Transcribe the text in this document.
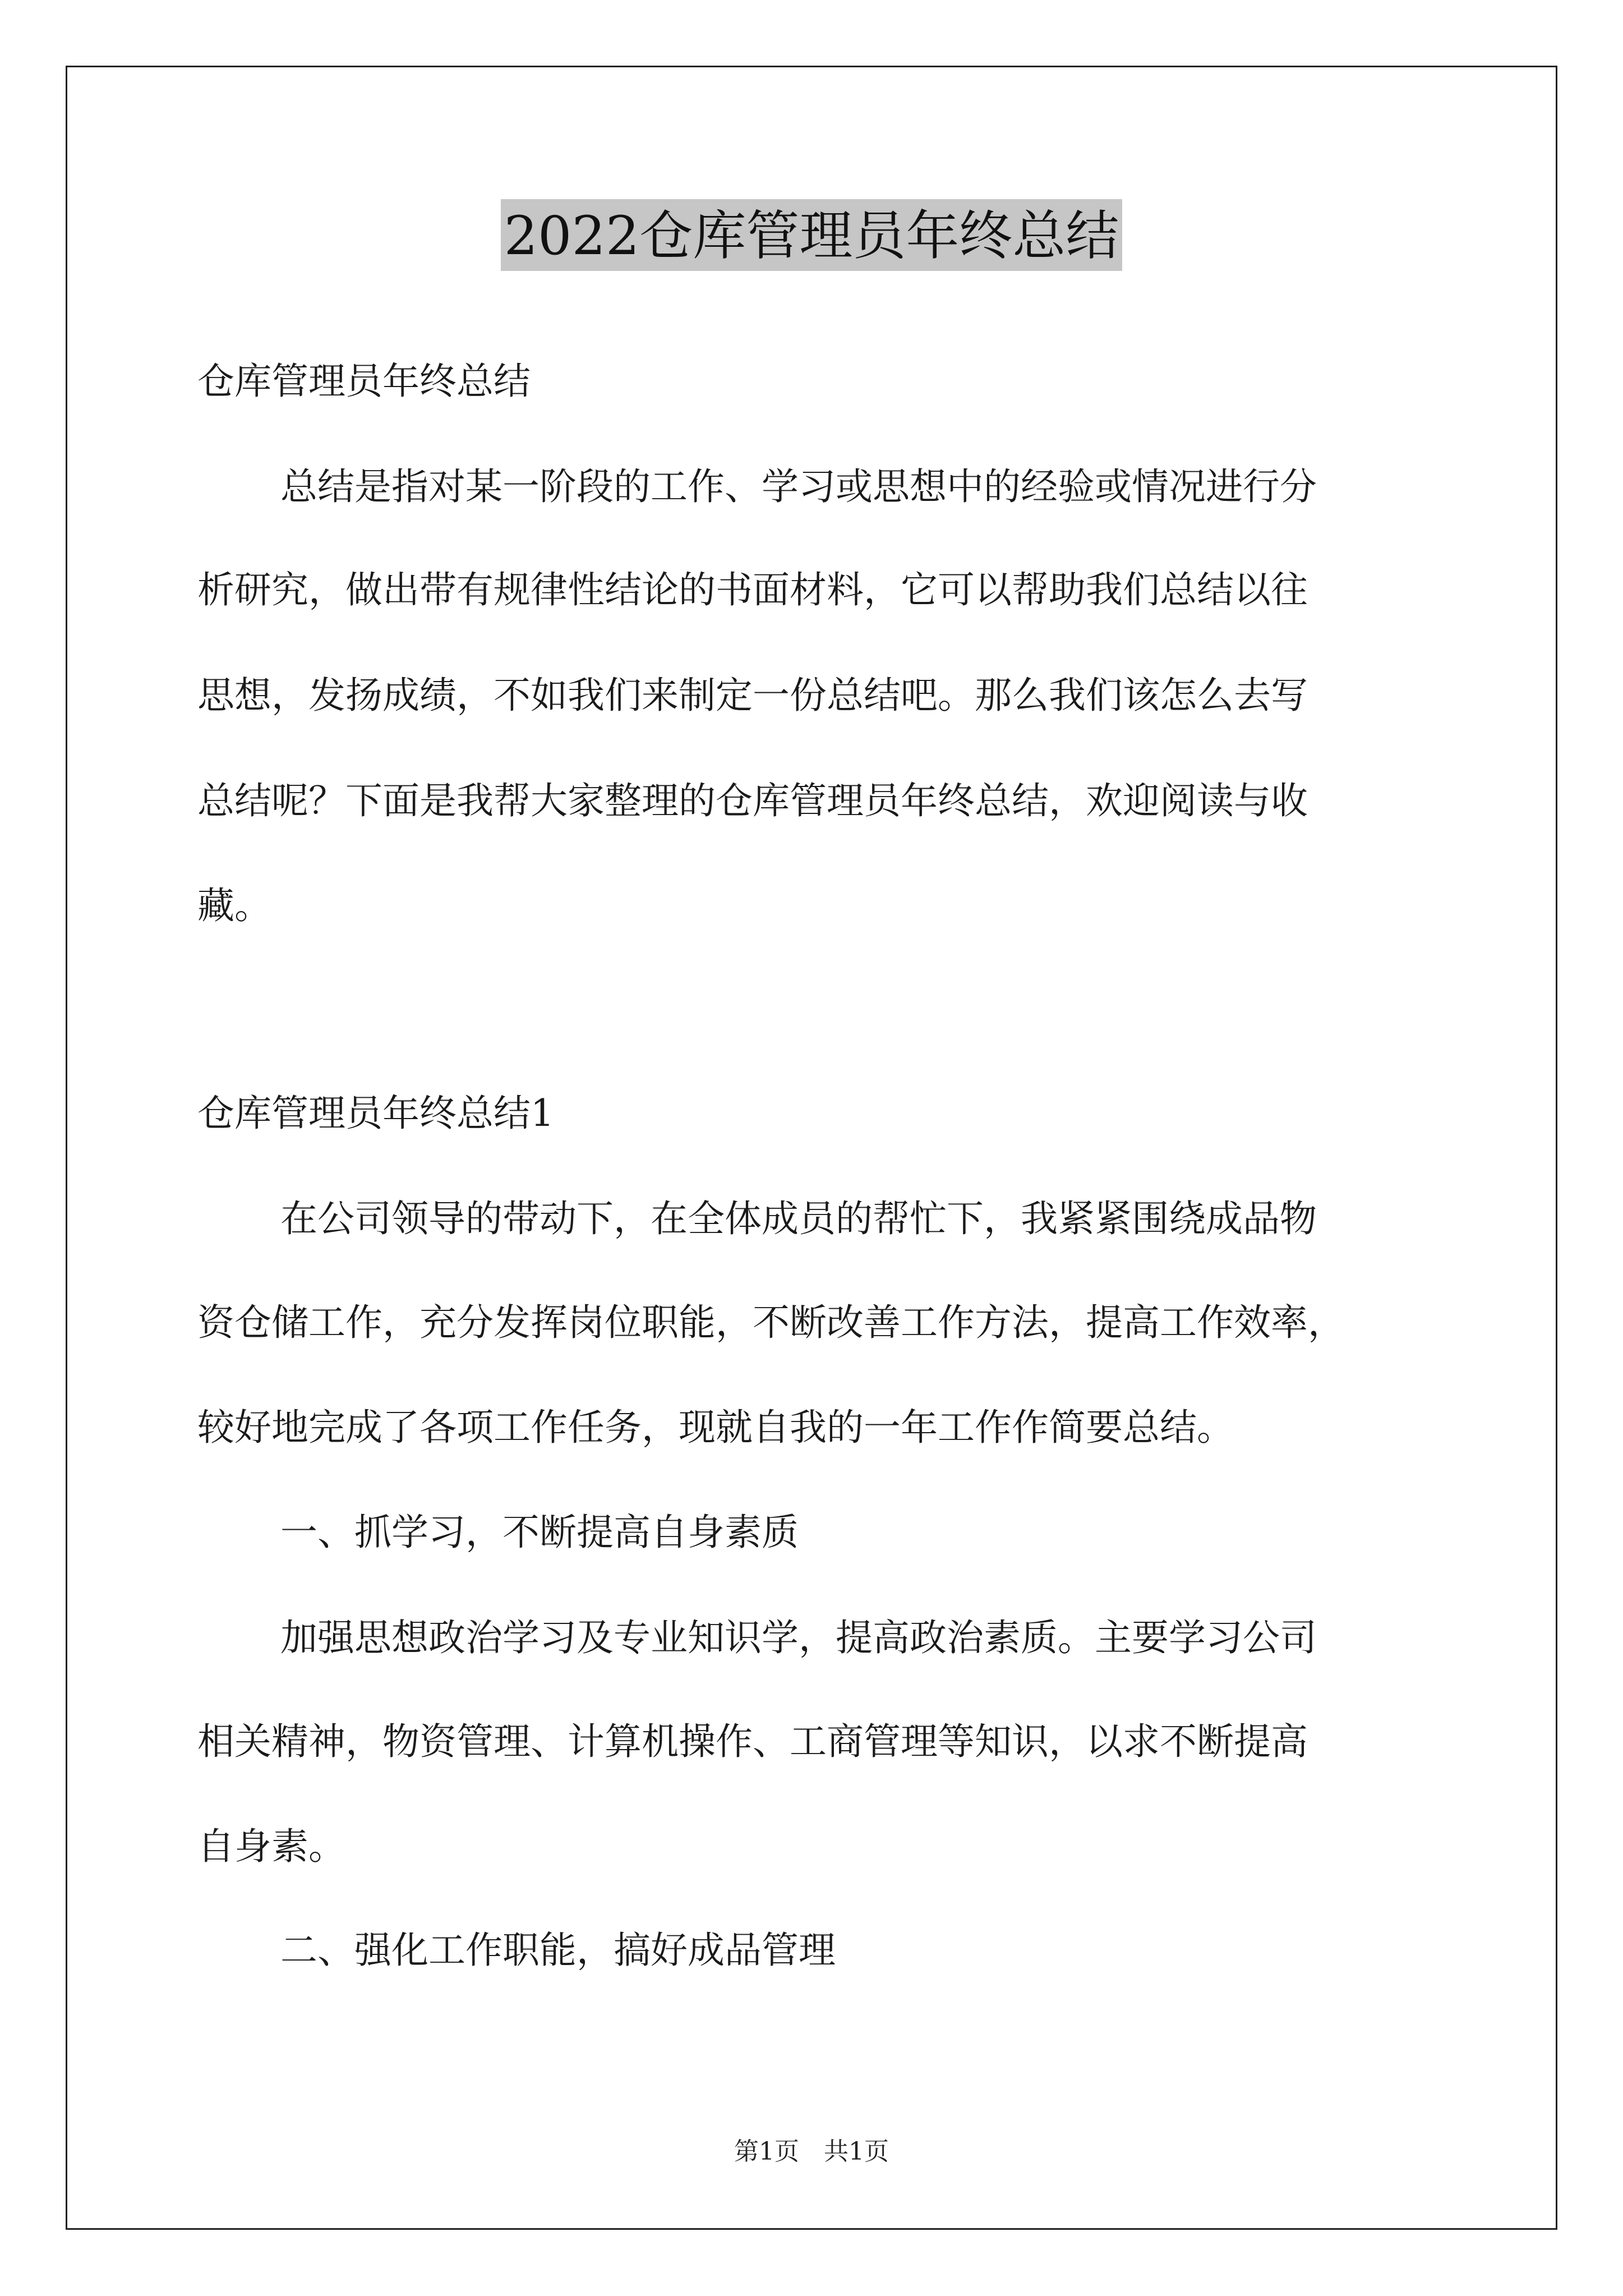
2022仓库管理员年终总结
仓库管理员年终总结
总结是指对某一阶段的工作、学习或思想中的经验或情况进行分
析研究，做出带有规律性结论的书面材料，它可以帮助我们总结以往
思想，发扬成绩，不如我们来制定一份总结吧。那么我们该怎么去写
总结呢？下面是我帮大家整理的仓库管理员年终总结，欢迎阅读与收
藏。
仓库管理员年终总结1
在公司领导的带动下，在全体成员的帮忙下，我紧紧围绕成品物
资仓储工作，充分发挥岗位职能，不断改善工作方法，提高工作效率，
较好地完成了各项工作任务，现就自我的一年工作作简要总结。
一、抓学习，不断提高自身素质
加强思想政治学习及专业知识学，提高政治素质。主要学习公司
相关精神，物资管理、计算机操作、工商管理等知识，以求不断提高
自身素。
二、强化工作职能，搞好成品管理
第1页 共1页
